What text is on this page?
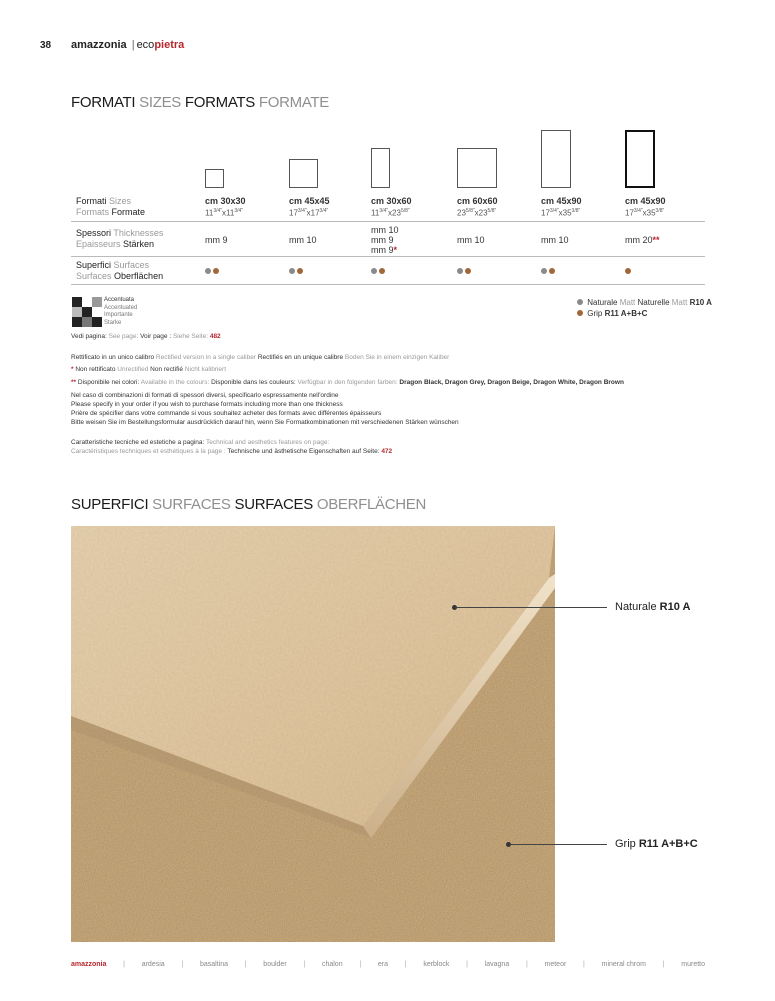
38 amazzonia | ecopietra
FORMATI SIZES FORMATS FORMATE
Formati Sizes
Formats Formate
Spessori Thicknesses
Epaisseurs Stärken
Superfici Surfaces
Surfaces Oberflächen
cm 30x30
$11^{3/4"}x11^{3/4"}$
mm 9
cm 45x45
$17^{3/4"}x17^{3/4"}$
mm 10
cm 30x60
$11^{3/4"}x23^{5/8"}$
mm 10
mm 9
mm 9*
cm 60x60
$23^{5/8"}x23^{5/8"}$
mm 10
cm 45x90
$17^{3/4"}x35^{3/8"}$
mm 10
cm 45x90
$17^{3/4"}x35^{3/8"}$
mm 20**
Accentuata
Accentuated
Importante
Starke
Naturale Matt Naturelle Matt R10 A
Grip R11 A+B+C
Vedi pagina: See page: Voir page : Siehe Seite: 482
Rettificato in un unico calibro Rectified version in a single caliber Rectifiés en un unique calibre Boden Sie in einem einzigen Kaliber
* Non rettificato Unrectified Non rectifié Nicht kalibriert
** Disponibile nei colori: Available in the colours: Disponible dans les couleurs: Verfügbar in den folgenden farben: Dragon Black, Dragon Grey, Dragon Beige, Dragon White, Dragon Brown
Nel caso di combinazioni di formati di spessori diversi, specificarlo espressamente nell'ordine
Please specify in your order if you wish to purchase formats including more than one thickness
Prière de spécifier dans votre commande si vous souhaitez acheter des formats avec différentes épaisseurs
Bitte weisen Sie im Bestellungsformular ausdrücklich darauf hin, wenn Sie Formatkombinationen mit verschiedenen Stärken wünschen
Caratteristiche tecniche ed estetiche a pagina: Technical and aesthetics features on page:
Caractéristiques techniques et esthétiques à la page : Technische und ästhetische Eigenschaften auf Seite: 472
SUPERFICI SURFACES SURFACES OBERFLÄCHEN
Naturale R10 A
Grip R11 A+B+C
amazzonia | ardesia | basaltina | boulder | chalon | era | kerblock | lavagna | meteor | mineral chrom | muretto
